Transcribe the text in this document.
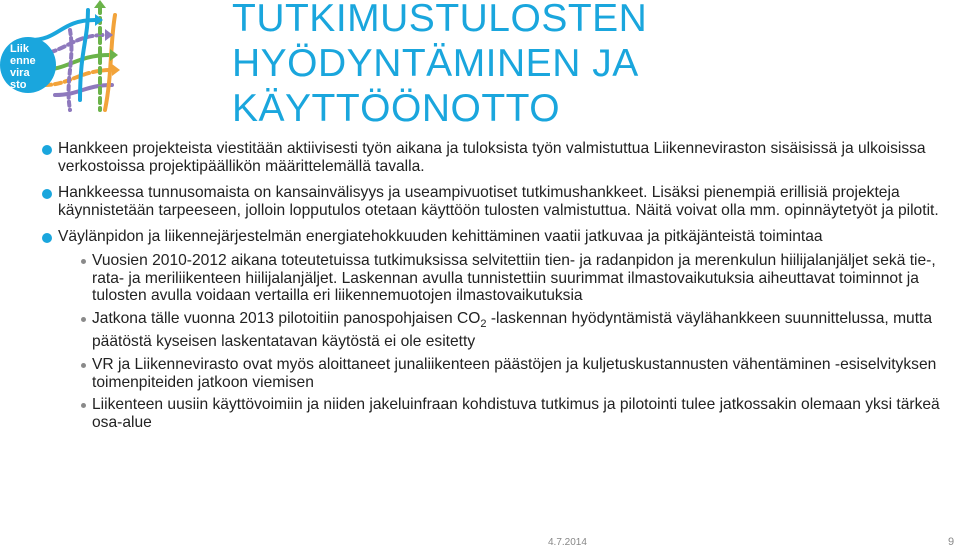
Liik
enne
vira
sto
TUTKIMUSTULOSTEN
HYÖDYNTÄMINEN JA
KÄYTTÖÖNOTTO
Hankkeen projekteista viestitään aktiivisesti työn aikana ja tuloksista työn valmistuttua Liikenneviraston sisäisissä ja ulkoisissa verkostoissa projektipäällikön määrittelemällä tavalla.
Hankkeessa tunnusomaista on kansainvälisyys ja useampivuotiset tutkimushankkeet. Lisäksi pienempiä erillisiä projekteja käynnistetään tarpeeseen, jolloin lopputulos otetaan käyttöön tulosten valmistuttua. Näitä voivat olla mm. opinnäytetyöt ja pilotit.
Väylänpidon ja liikennejärjestelmän energiatehokkuuden kehittäminen vaatii jatkuvaa ja pitkäjänteistä toimintaa
Vuosien 2010-2012 aikana toteutetuissa tutkimuksissa selvitettiin tien- ja radanpidon ja merenkulun hiilijalanjäljet sekä tie-, rata- ja meriliikenteen hiilijalanjäljet. Laskennan avulla tunnistettiin suurimmat ilmastovaikutuksia aiheuttavat toiminnot ja tulosten avulla voidaan vertailla eri liikennemuotojen ilmastovaikutuksia
Jatkona tälle vuonna 2013 pilotoitiin panospohjaisen $CO_2$ -laskennan hyödyntämistä väylähankkeen suunnittelussa, mutta päätöstä kyseisen laskentatavan käytöstä ei ole esitetty
VR ja Liikennevirasto ovat myös aloittaneet junaliikenteen päästöjen ja kuljetuskustannusten vähentäminen -esiselvityksen toimenpiteiden jatkoon viemisen
Liikenteen uusiin käyttövoimiin ja niiden jakeluinfraan kohdistuva tutkimus ja pilotointi tulee jatkossakin olemaan yksi tärkeä osa-alue
4.7.2014	9
